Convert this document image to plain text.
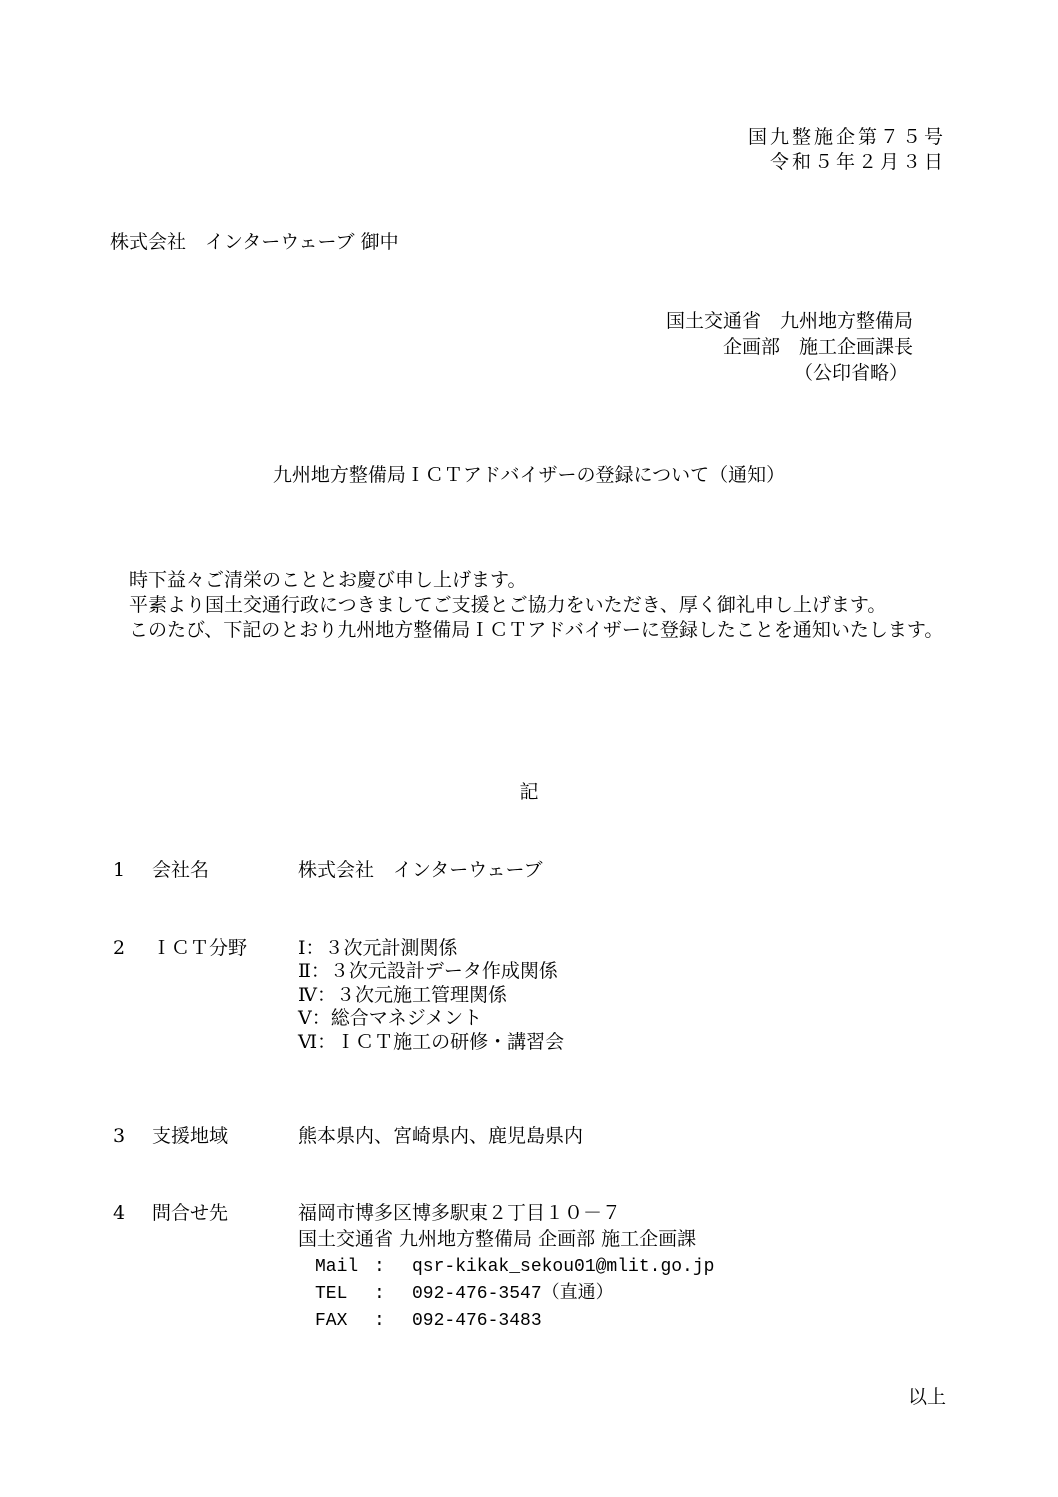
国九整施企第７５号
令和５年２月３日
株式会社　インターウェーブ 御中
国土交通省　九州地方整備局
企画部　施工企画課長
（公印省略）
九州地方整備局ＩＣＴアドバイザーの登録について（通知）

時下益々ご清栄のこととお慶び申し上げます。

平素より国土交通行政につきましてご支援とご協力をいただき、厚く御礼申し上げます。

このたび、下記のとおり九州地方整備局ＩＣＴアドバイザーに登録したことを通知いたします。

記
1 会社名	株式会社　インターウェーブ
2 ＩＣＴ分野	Ⅰ：３次元計測関係
Ⅱ：３次元設計データ作成関係
Ⅳ：３次元施工管理関係
Ⅴ：総合マネジメント
Ⅵ：ＩＣＴ施工の研修・講習会
3 支援地域	熊本県内、宮崎県内、鹿児島県内
4 問合せ先	福岡市博多区博多駅東２丁目１０－７
国土交通省 九州地方整備局 企画部 施工企画課
Mail : qsr-kikak_sekou01@mlit.go.jp
TEL : 092-476-3547（直通）
FAX : 092-476-3483
以上
